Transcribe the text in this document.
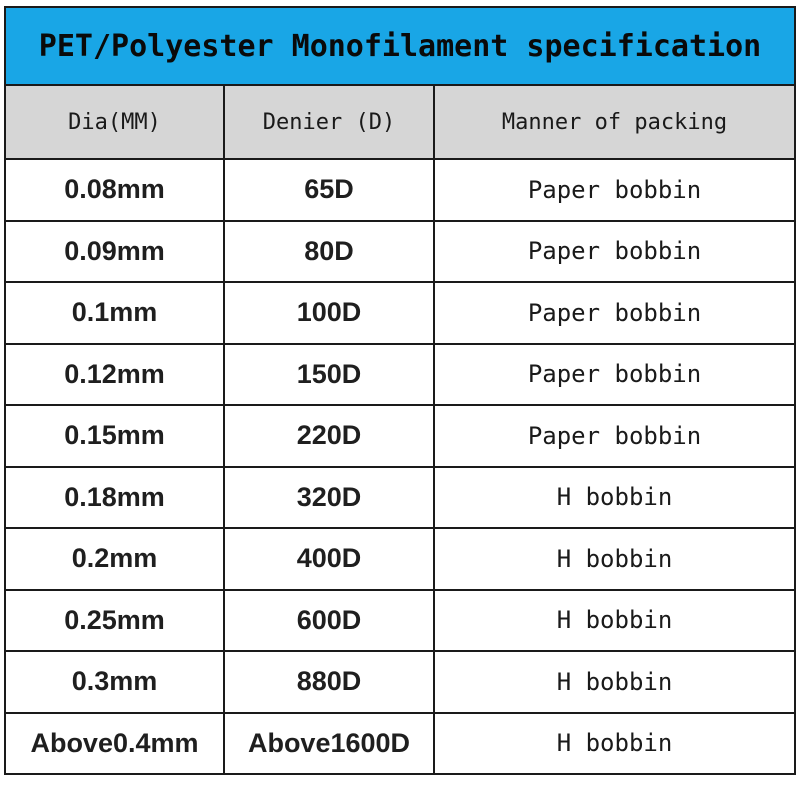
PET/Polyester Monofilament specification		
Dia(MM)	Denier (D)	Manner of packing
0.08mm	65D	Paper bobbin
0.09mm	80D	Paper bobbin
0.1mm	100D	Paper bobbin
0.12mm	150D	Paper bobbin
0.15mm	220D	Paper bobbin
0.18mm	320D	H bobbin
0.2mm	400D	H bobbin
0.25mm	600D	H bobbin
0.3mm	880D	H bobbin
Above0.4mm	Above1600D	H bobbin
